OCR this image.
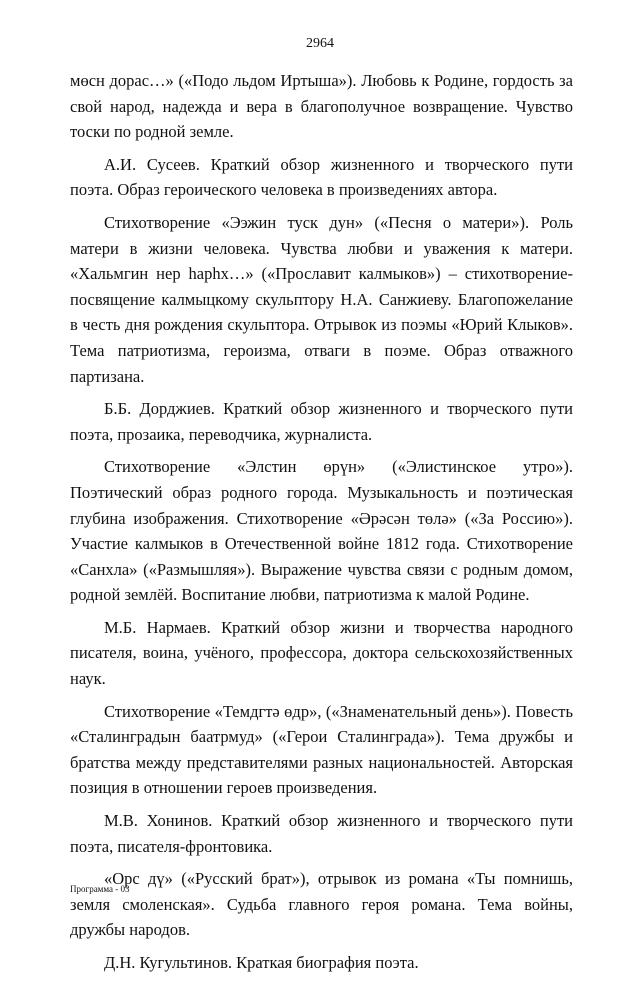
2964

мөсн дорас…» («Подо льдом Иртыша»). Любовь к Родине, гордость за свой народ, надежда и вера в благополучное возвращение. Чувство тоски по родной земле.

А.И. Сусеев. Краткий обзор жизненного и творческого пути поэта. Образ героического человека в произведениях автора.

Стихотворение «Ээжин туск дун» («Песня о матери»). Роль матери в жизни человека. Чувства любви и уважения к матери. «Хальмгин нер hарhх…» («Прославит калмыков») – стихотворение-посвящение калмыцкому скульптору Н.А. Санжиеву. Благопожелание в честь дня рождения скульптора. Отрывок из поэмы «Юрий Клыков». Тема патриотизма, героизма, отваги в поэме. Образ отважного партизана.

Б.Б. Дорджиев. Краткий обзор жизненного и творческого пути поэта, прозаика, переводчика, журналиста.

Стихотворение «Элстин өрүн» («Элистинское утро»). Поэтический образ родного города. Музыкальность и поэтическая глубина изображения. Стихотворение «Әрәсән төлә» («За Россию»). Участие калмыков в Отечественной войне 1812 года. Стихотворение «Санхла» («Размышляя»). Выражение чувства связи с родным домом, родной землёй. Воспитание любви, патриотизма к малой Родине.

М.Б. Нармаев. Краткий обзор жизни и творчества народного писателя, воина, учёного, профессора, доктора сельскохозяйственных наук.

Стихотворение «Темдгтә өдр», («Знаменательный день»). Повесть «Сталинградын баатрмуд» («Герои Сталинграда»). Тема дружбы и братства между представителями разных национальностей. Авторская позиция в отношении героев произведения.

М.В. Хонинов. Краткий обзор жизненного и творческого пути поэта, писателя-фронтовика.

«Орс дү» («Русский брат»), отрывок из романа «Ты помнишь, земля смоленская». Судьба главного героя романа. Тема войны, дружбы народов.

Д.Н. Кугультинов. Краткая биография поэта.

Программа - 03
